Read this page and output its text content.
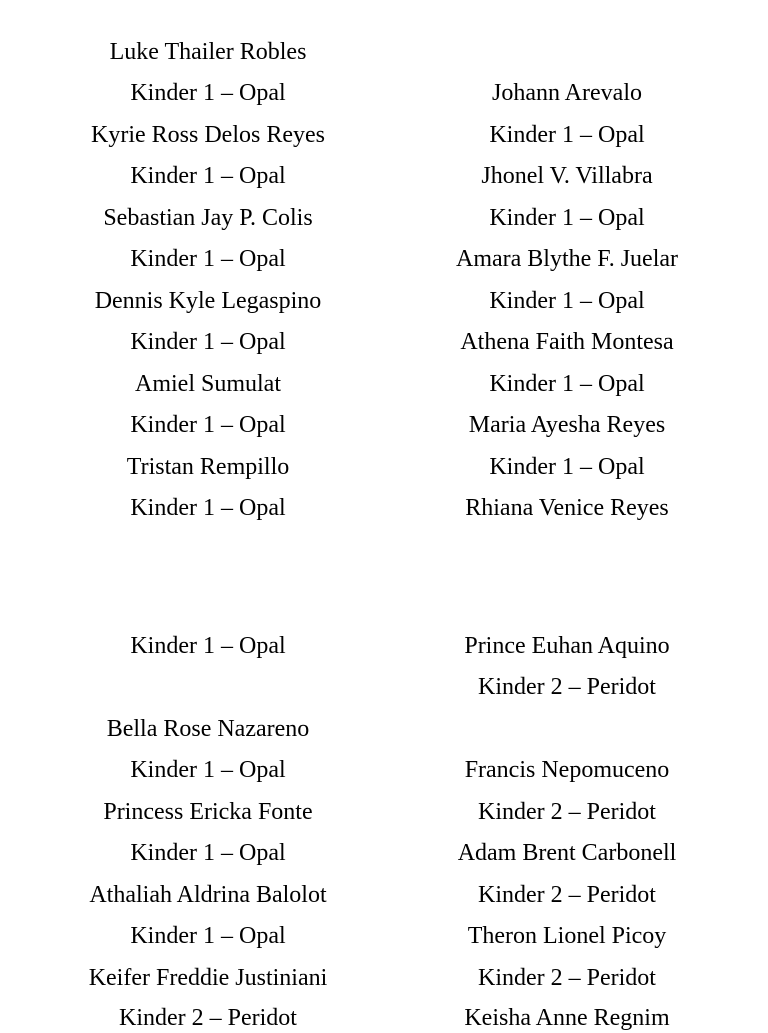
Luke Thailer Robles
Kinder 1 – Opal
Kyrie Ross Delos Reyes
Kinder 1 – Opal
Sebastian Jay P. Colis
Kinder 1 – Opal
Dennis Kyle Legaspino
Kinder 1 – Opal
Amiel Sumulat
Kinder 1 – Opal
Tristan Rempillo
Kinder 1 – Opal
Kinder 1 – Opal
Bella Rose Nazareno
Kinder 1 – Opal
Princess Ericka Fonte
Kinder 1 – Opal
Athaliah Aldrina Balolot
Kinder 1 – Opal
Keifer Freddie Justiniani
Kinder 2 – Peridot
Johann Arevalo
Kinder 1 – Opal
Jhonel V. Villabra
Kinder 1 – Opal
Amara Blythe F. Juelar
Kinder 1 – Opal
Athena Faith Montesa
Kinder 1 – Opal
Maria Ayesha Reyes
Kinder 1 – Opal
Rhiana Venice Reyes
Prince Euhan Aquino
Kinder 2 – Peridot
Francis Nepomuceno
Kinder 2 – Peridot
Adam Brent Carbonell
Kinder 2 – Peridot
Theron Lionel Picoy
Kinder 2 – Peridot
Keisha Anne Regnim
